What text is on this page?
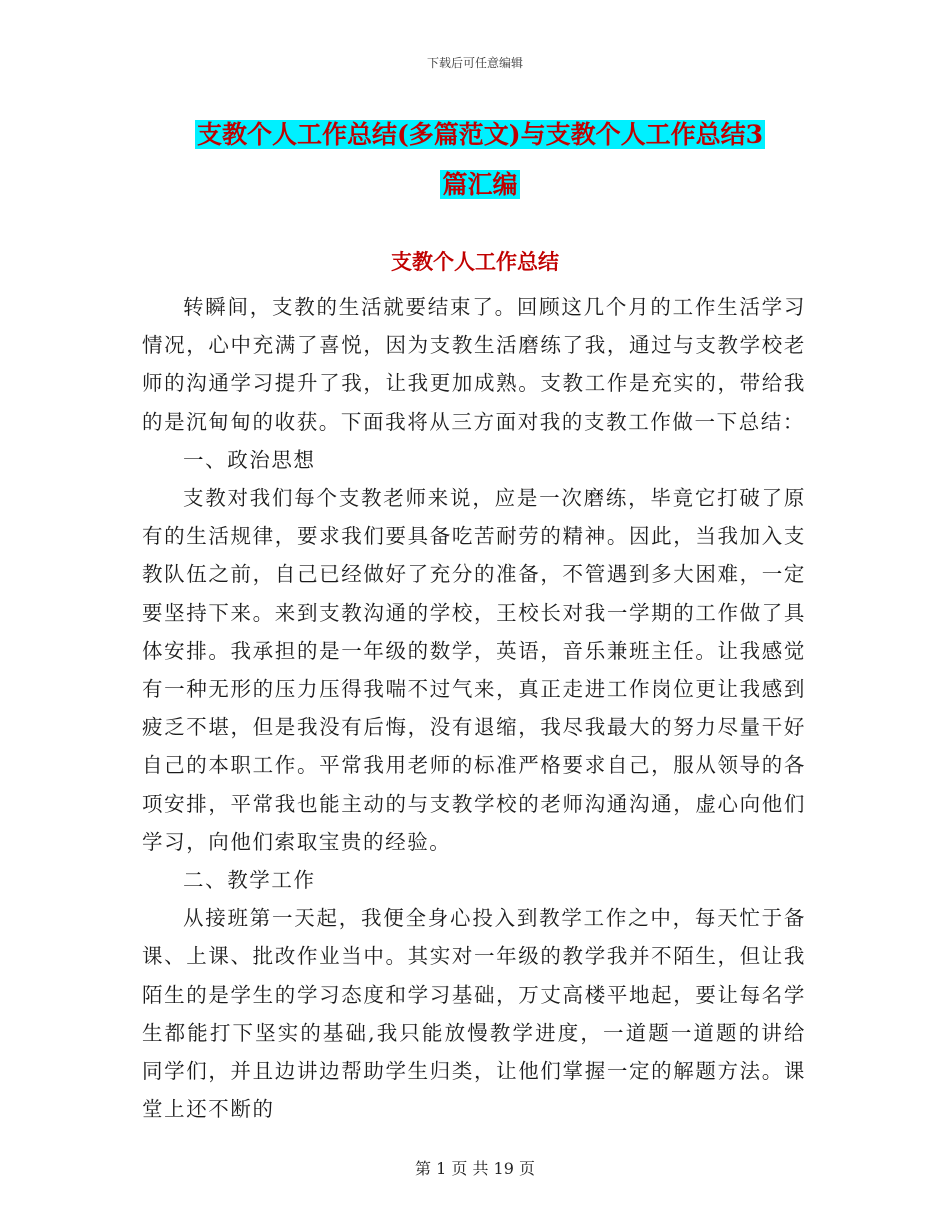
下载后可任意编辑
支教个人工作总结(多篇范文)与支教个人工作总结3
篇汇编
支教个人工作总结

转瞬间，支教的生活就要结束了。回顾这几个月的工作生活学习情况，心中充满了喜悦，因为支教生活磨练了我，通过与支教学校老师的沟通学习提升了我，让我更加成熟。支教工作是充实的，带给我的是沉甸甸的收获。下面我将从三方面对我的支教工作做一下总结：

一、政治思想

支教对我们每个支教老师来说，应是一次磨练，毕竟它打破了原有的生活规律，要求我们要具备吃苦耐劳的精神。因此，当我加入支教队伍之前，自己已经做好了充分的准备，不管遇到多大困难，一定要坚持下来。来到支教沟通的学校，王校长对我一学期的工作做了具体安排。我承担的是一年级的数学，英语，音乐兼班主任。让我感觉有一种无形的压力压得我喘不过气来，真正走进工作岗位更让我感到疲乏不堪，但是我没有后悔，没有退缩，我尽我最大的努力尽量干好自己的本职工作。平常我用老师的标准严格要求自己，服从领导的各项安排，平常我也能主动的与支教学校的老师沟通沟通，虚心向他们学习，向他们索取宝贵的经验。

二、教学工作

从接班第一天起，我便全身心投入到教学工作之中，每天忙于备课、上课、批改作业当中。其实对一年级的教学我并不陌生，但让我陌生的是学生的学习态度和学习基础，万丈高楼平地起，要让每名学生都能打下坚实的基础,我只能放慢教学进度，一道题一道题的讲给同学们，并且边讲边帮助学生归类，让他们掌握一定的解题方法。课堂上还不断的

第 1 页 共 19 页
